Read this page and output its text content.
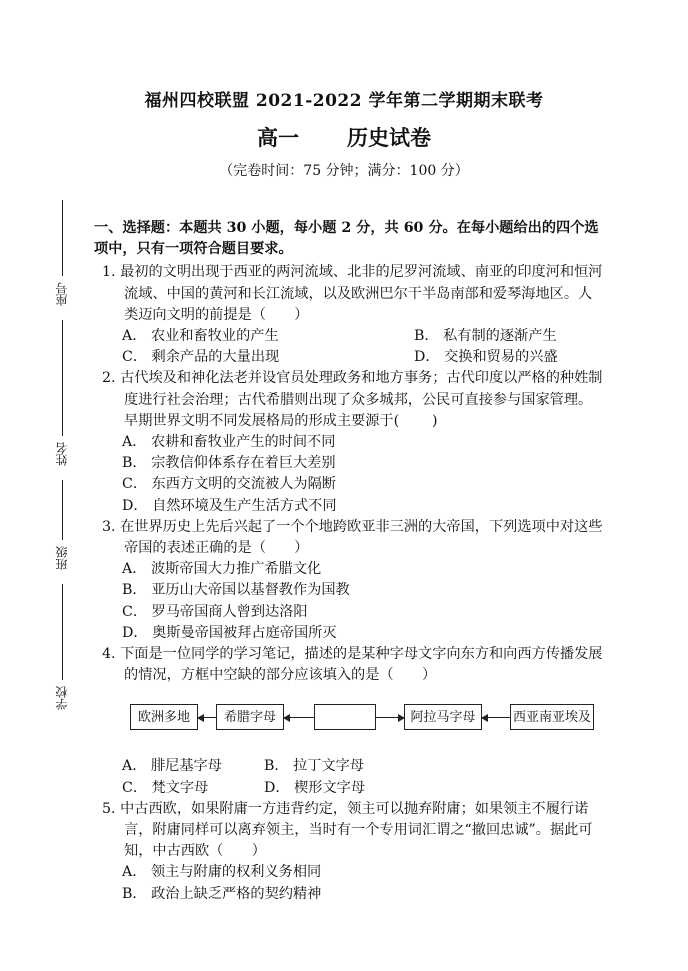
福州四校联盟 2021-2022 学年第二学期期末联考
高一 历史试卷
（完卷时间：75 分钟；满分：100 分）
座号
姓名
班级
学校
一、选择题：本题共 30 小题，每小题 2 分，共 60 分。在每小题给出的四个选项中，只有一项符合题目要求。
1. 最初的文明出现于西亚的两河流域、北非的尼罗河流域、南亚的印度河和恒河流域、中国的黄河和长江流域，以及欧洲巴尔干半岛南部和爱琴海地区。人类迈向文明的前提是（　　）
A． 农业和畜牧业的产生	B． 私有制的逐渐产生
C． 剩余产品的大量出现	D． 交换和贸易的兴盛
2. 古代埃及和神化法老并设官员处理政务和地方事务；古代印度以严格的种姓制度进行社会治理；古代希腊则出现了众多城邦，公民可直接参与国家管理。早期世界文明不同发展格局的形成主要源于(　　 )
A． 农耕和畜牧业产生的时间不同
B． 宗教信仰体系存在着巨大差别
C． 东西方文明的交流被人为隔断
D． 自然环境及生产生活方式不同
3. 在世界历史上先后兴起了一个个地跨欧亚非三洲的大帝国，下列选项中对这些帝国的表述正确的是（　　）
A． 波斯帝国大力推广希腊文化
B． 亚历山大帝国以基督教作为国教
C． 罗马帝国商人曾到达洛阳
D． 奥斯曼帝国被拜占庭帝国所灭
4. 下面是一位同学的学习笔记，描述的是某种字母文字向东方和向西方传播发展的情况，方框中空缺的部分应该填入的是（　　）
欧洲多地	希腊字母	阿拉马字母	西亚南亚埃及
A． 腓尼基字母	B． 拉丁文字母
C． 梵文字母	D． 楔形文字母
5. 中古西欧，如果附庸一方违背约定，领主可以抛弃附庸；如果领主不履行诺言，附庸同样可以离弃领主，当时有一个专用词汇谓之“撤回忠诚”。据此可知，中古西欧（　　）
A． 领主与附庸的权利义务相同
B． 政治上缺乏严格的契约精神
